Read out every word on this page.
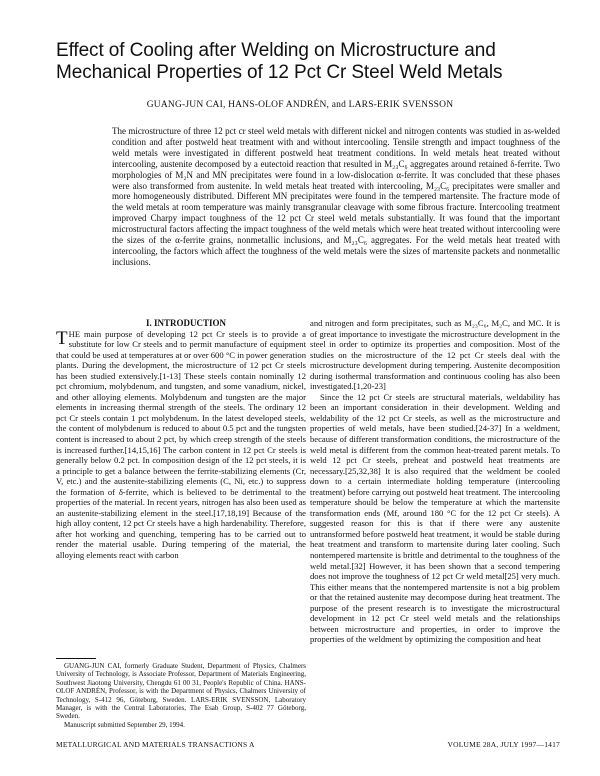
Effect of Cooling after Welding on Microstructure and
Mechanical Properties of 12 Pct Cr Steel Weld Metals
GUANG-JUN CAI, HANS-OLOF ANDRÉN, and LARS-ERIK SVENSSON

The microstructure of three 12 pct cr steel weld metals with different nickel and nitrogen contents was studied in as-welded condition and after postweld heat treatment with and without intercooling. Tensile strength and impact toughness of the weld metals were investigated in different postweld heat treatment conditions. In weld metals heat treated without intercooling, austenite decomposed by a eutectoid reaction that resulted in M₂₃C₆ aggregates around retained δ-ferrite. Two morphologies of M₂N and MN precipitates were found in a low-dislocation α-ferrite. It was concluded that these phases were also transformed from austenite. In weld metals heat treated with intercooling, M₂₃C₆ precipitates were smaller and more homogeneously distributed. Different MN precipitates were found in the tempered martensite. The fracture mode of the weld metals at room temperature was mainly transgranular cleavage with some fibrous fracture. Intercooling treatment improved Charpy impact toughness of the 12 pct Cr steel weld metals substantially. It was found that the important microstructural factors affecting the impact toughness of the weld metals which were heat treated without intercooling were the sizes of the α-ferrite grains, nonmetallic inclusions, and M₂₃C₆ aggregates. For the weld metals heat treated with intercooling, the factors which affect the toughness of the weld metals were the sizes of martensite packets and nonmetallic inclusions.

I. INTRODUCTION

THE main purpose of developing 12 pct Cr steels is to provide a substitute for low Cr steels and to permit manufacture of equipment that could be used at temperatures at or over 600 °C in power generation plants. During the development, the microstructure of 12 pct Cr steels has been studied extensively.[1-13] These steels contain nominally 12 pct chromium, molybdenum, and tungsten, and some vanadium, nickel, and other alloying elements. Molybdenum and tungsten are the major elements in increasing thermal strength of the steels. The ordinary 12 pct Cr steels contain 1 pct molybdenum. In the latest developed steels, the content of molybdenum is reduced to about 0.5 pct and the tungsten content is increased to about 2 pct, by which creep strength of the steels is increased further.[14,15,16] The carbon content in 12 pct Cr steels is generally below 0.2 pct. In composition design of the 12 pct steels, it is a principle to get a balance between the ferrite-stabilizing elements (Cr, V, etc.) and the austenite-stabilizing elements (C, Ni, etc.) to suppress the formation of δ-ferrite, which is believed to be detrimental to the properties of the material. In recent years, nitrogen has also been used as an austenite-stabilizing element in the steel.[17,18,19] Because of the high alloy content, 12 pct Cr steels have a high hardenability. Therefore, after hot working and quenching, tempering has to be carried out to render the material usable. During tempering of the material, the alloying elements react with carbon

and nitrogen and form precipitates, such as M₂₃C₆, M₂C, and MC. It is of great importance to investigate the microstructure development in the steel in order to optimize its properties and composition. Most of the studies on the microstructure of the 12 pct Cr steels deal with the microstructure development during tempering. Austenite decomposition during isothermal transformation and continuous cooling has also been investigated.[1,20-23]

Since the 12 pct Cr steels are structural materials, weldability has been an important consideration in their development. Welding and weldability of the 12 pct Cr steels, as well as the microstructure and properties of weld metals, have been studied.[24-37] In a weldment, because of different transformation conditions, the microstructure of the weld metal is different from the common heat-treated parent metals. To weld 12 pct Cr steels, preheat and postweld heat treatments are necessary.[25,32,38] It is also required that the weldment be cooled down to a certain intermediate holding temperature (intercooling treatment) before carrying out postweld heat treatment. The intercooling temperature should be below the temperature at which the martensite transformation ends (Mf, around 180 °C for the 12 pct Cr steels). A suggested reason for this is that if there were any austenite untransformed before postweld heat treatment, it would be stable during heat treatment and transform to martensite during later cooling. Such nontempered martensite is brittle and detrimental to the toughness of the weld metal.[32] However, it has been shown that a second tempering does not improve the toughness of 12 pct Cr weld metal[25] very much. This either means that the nontempered martensite is not a big problem or that the retained austenite may decompose during heat treatment. The purpose of the present research is to investigate the microstructural development in 12 pct Cr steel weld metals and the relationships between microstructure and properties, in order to improve the properties of the weldment by optimizing the composition and heat

GUANG-JUN CAI, formerly Graduate Student, Department of Physics, Chalmers University of Technology, is Associate Professor, Department of Materials Engineering, Southwest Jiaotong University, Chengdu 61 00 31, People's Republic of China. HANS-OLOF ANDRÉN, Professor, is with the Department of Physics, Chalmers University of Technology, S-412 96, Göteborg, Sweden. LARS-ERIK SVENSSON, Laboratory Manager, is with the Central Laboratories, The Esab Group, S-402 77 Göteborg, Sweden.

Manuscript submitted September 29, 1994.

METALLURGICAL AND MATERIALS TRANSACTIONS A	VOLUME 28A, JULY 1997—1417
